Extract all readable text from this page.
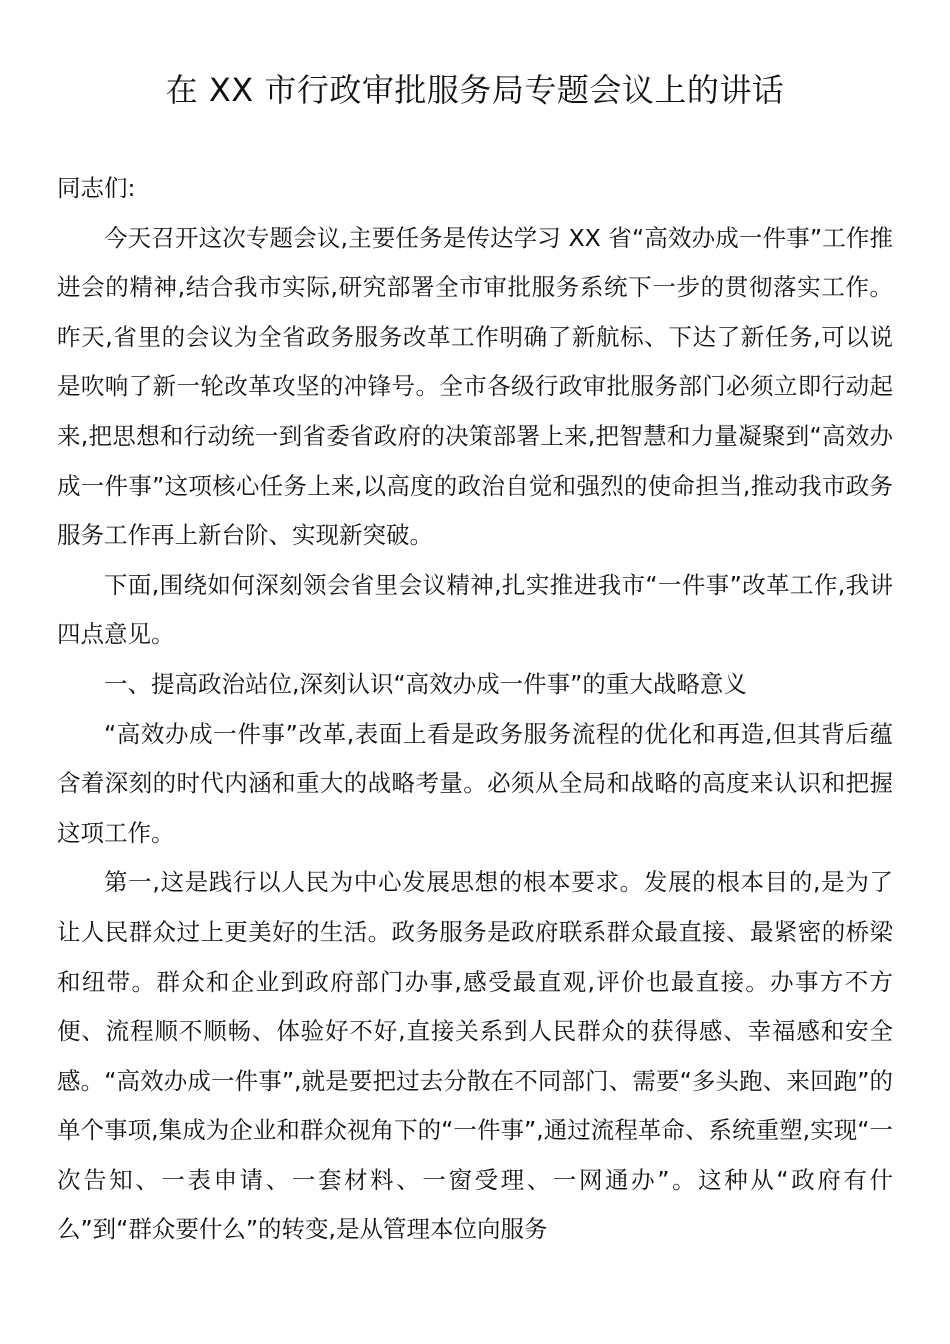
在 XX 市行政审批服务局专题会议上的讲话

同志们:

今天召开这次专题会议,主要任务是传达学习 XX 省“高效办成一件事”工作推进会的精神,结合我市实际,研究部署全市审批服务系统下一步的贯彻落实工作。昨天,省里的会议为全省政务服务改革工作明确了新航标、下达了新任务,可以说是吹响了新一轮改革攻坚的冲锋号。全市各级行政审批服务部门必须立即行动起来,把思想和行动统一到省委省政府的决策部署上来,把智慧和力量凝聚到“高效办成一件事”这项核心任务上来,以高度的政治自觉和强烈的使命担当,推动我市政务服务工作再上新台阶、实现新突破。

下面,围绕如何深刻领会省里会议精神,扎实推进我市“一件事”改革工作,我讲四点意见。

一、提高政治站位,深刻认识“高效办成一件事”的重大战略意义

“高效办成一件事”改革,表面上看是政务服务流程的优化和再造,但其背后蕴含着深刻的时代内涵和重大的战略考量。必须从全局和战略的高度来认识和把握这项工作。

第一,这是践行以人民为中心发展思想的根本要求。发展的根本目的,是为了让人民群众过上更美好的生活。政务服务是政府联系群众最直接、最紧密的桥梁和纽带。群众和企业到政府部门办事,感受最直观,评价也最直接。办事方不方便、流程顺不顺畅、体验好不好,直接关系到人民群众的获得感、幸福感和安全感。“高效办成一件事”,就是要把过去分散在不同部门、需要“多头跑、来回跑”的单个事项,集成为企业和群众视角下的“一件事”,通过流程革命、系统重塑,实现“一次告知、一表申请、一套材料、一窗受理、一网通办”。这种从“政府有什么”到“群众要什么”的转变,是从管理本位向服务
